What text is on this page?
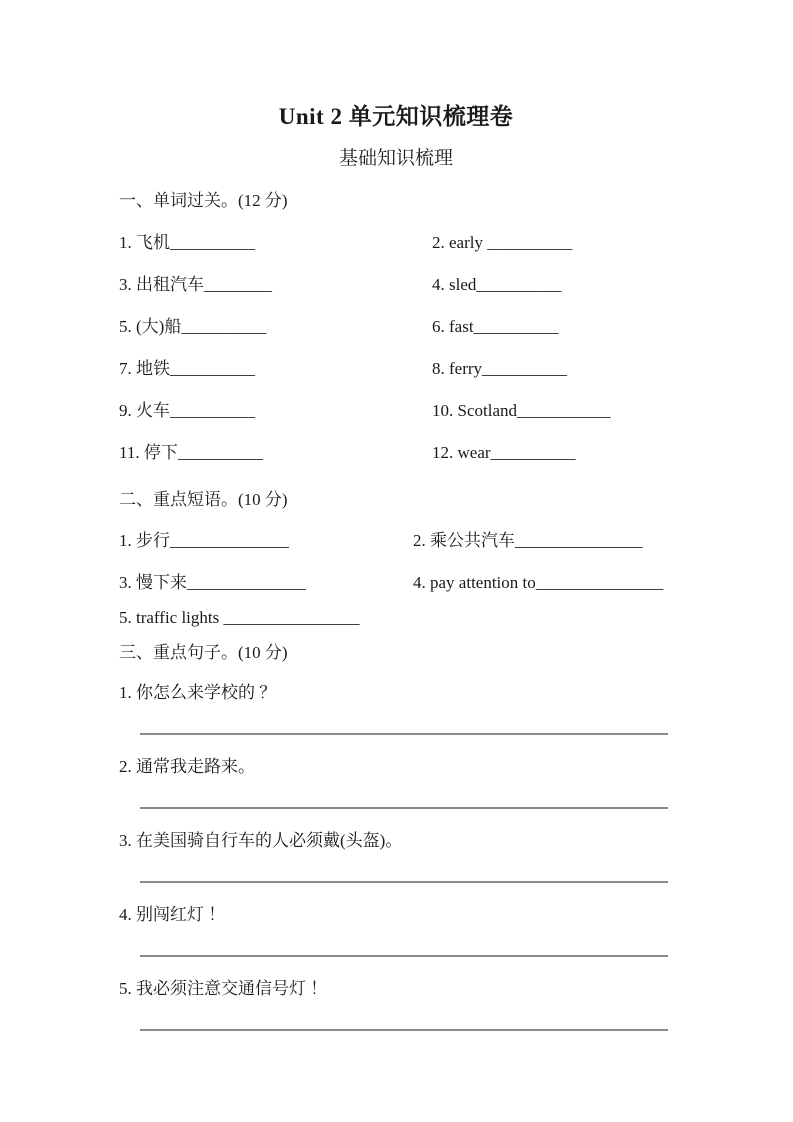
Unit 2 单元知识梳理卷
基础知识梳理
一、单词过关。(12 分)
1. 飞机__________	2. early __________
3. 出租汽车________	4. sled__________
5. (大)船__________	6. fast__________
7. 地铁__________	8. ferry__________
9. 火车__________	10. Scotland___________
11. 停下__________	12. wear__________
二、重点短语。(10 分)
1. 步行______________	2. 乘公共汽车_______________
3. 慢下来______________	4. pay attention to_______________
5. traffic lights ________________
三、重点句子。(10 分)
1. 你怎么来学校的 ？
2. 通常我走路来。
3. 在美国骑自行车的人必须戴(头盔)。
4. 别闯红灯 ！
5. 我必须注意交通信号灯 ！
